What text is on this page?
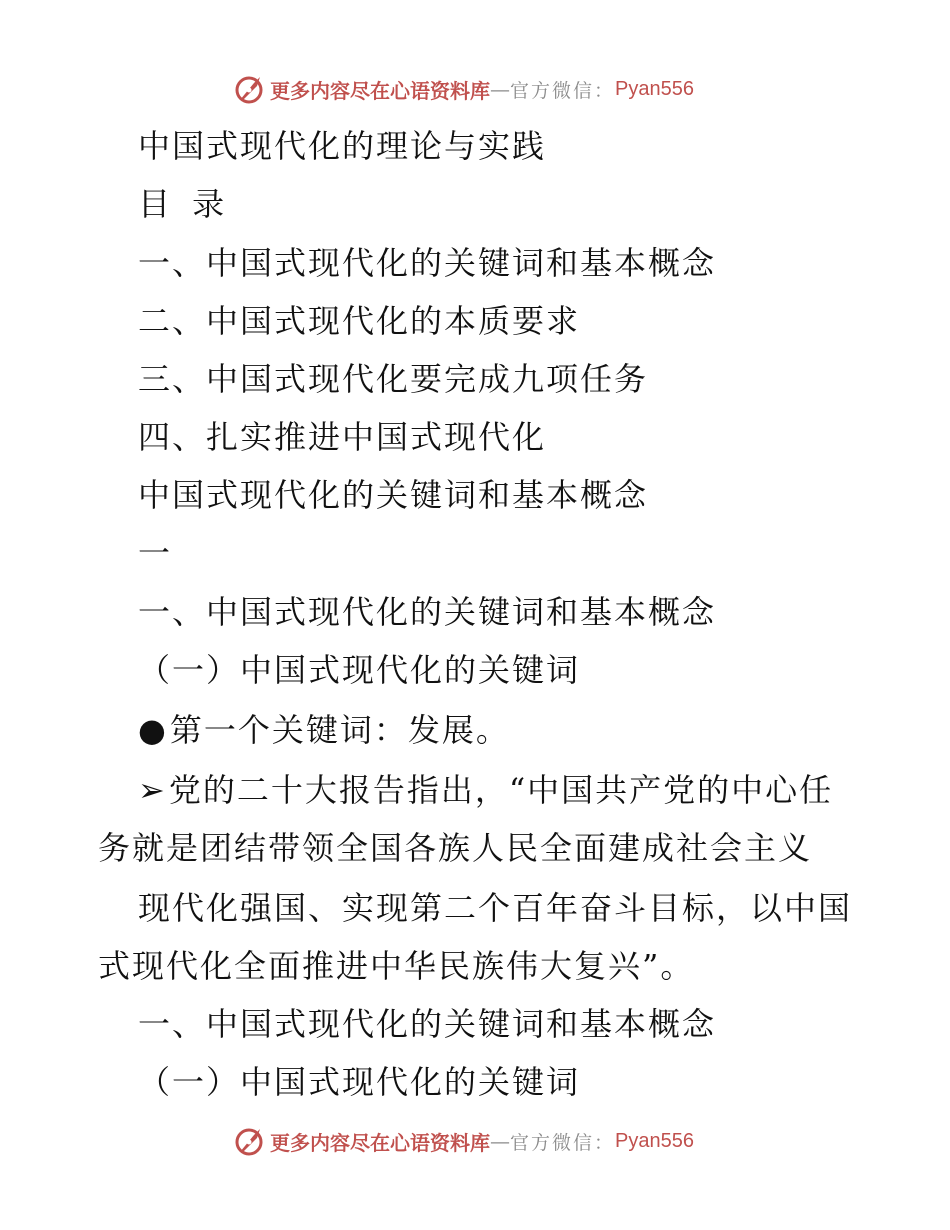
更多内容尽在心语资料库 — 官方微信： Pyan556
中国式现代化的理论与实践
目 录
一、中国式现代化的关键词和基本概念
二、中国式现代化的本质要求
三、中国式现代化要完成九项任务
四、扎实推进中国式现代化
中国式现代化的关键词和基本概念
一
一、中国式现代化的关键词和基本概念
（一）中国式现代化的关键词
●第一个关键词：发展。
➢党的二十大报告指出，“中国共产党的中心任
务就是团结带领全国各族人民全面建成社会主义
现代化强国、实现第二个百年奋斗目标，以中国
式现代化全面推进中华民族伟大复兴”。
一、中国式现代化的关键词和基本概念
（一）中国式现代化的关键词
更多内容尽在心语资料库 — 官方微信： Pyan556
